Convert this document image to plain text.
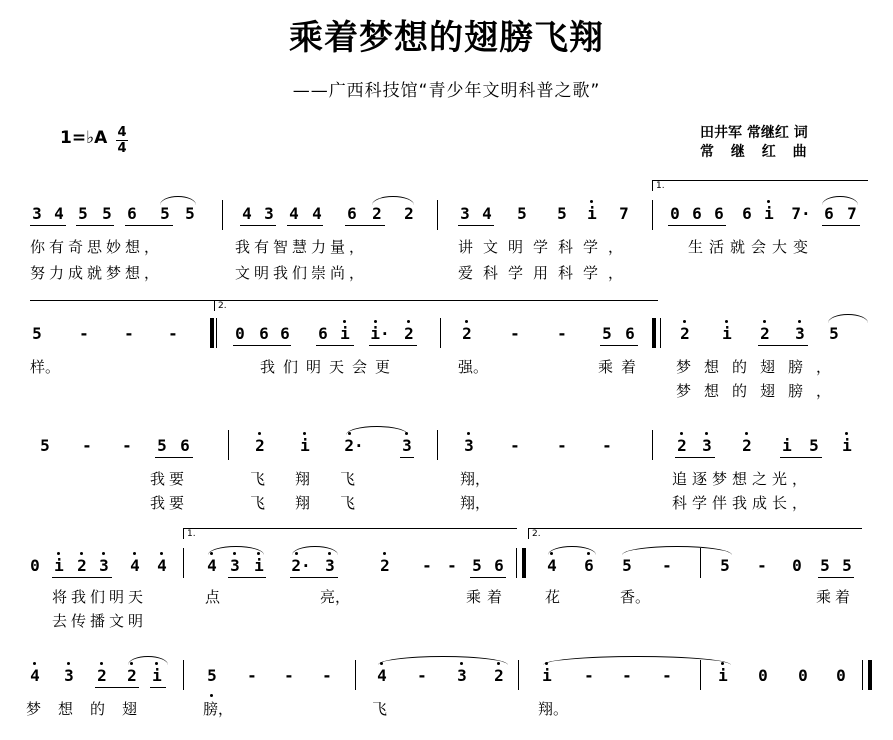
乘着梦想的翅膀飞翔
——广西科技馆“青少年文明科普之歌”
1=♭A 4
4
田井军 常继红 词
常 继 红 曲
1.
3 4 5 5 6 5 5	4 3 4 4 6 2 2	3 4 5 5 i 7	0 6 6 6 i 7· 6 7
你有奇思妙想，	我有智慧力量，	讲文明学科学，	生活就会大变
努力成就梦想，	文明我们崇尚，	爱科学用科学，
2.
5 - - -	0 6 6 6 i i· 2	2 - - 5 6	2 i 2 3 5
样。	我们明天会更	强。	乘着 梦想的翅膀，
梦想的翅膀，
5 - - 5 6	2 i 2· 3	3 - - -	2 3 2 i 5 i
我要	飞翔飞	翔，	追逐梦想之光，
我要	飞翔飞	翔，	科学伴我成长，
1.	2.
0 i 2 3 4 4	4 3 i 2· 3	2 - - 5 6	4 6 5 -	5 - 0 5 5
将我们明天	点	亮，	乘着 花	香。	乘着
去传播文明
4 3 2 2 i	5 - - -	4 - 3 2 i - - -	i 0 0 0
梦想的翅	膀，	飞	翔。
